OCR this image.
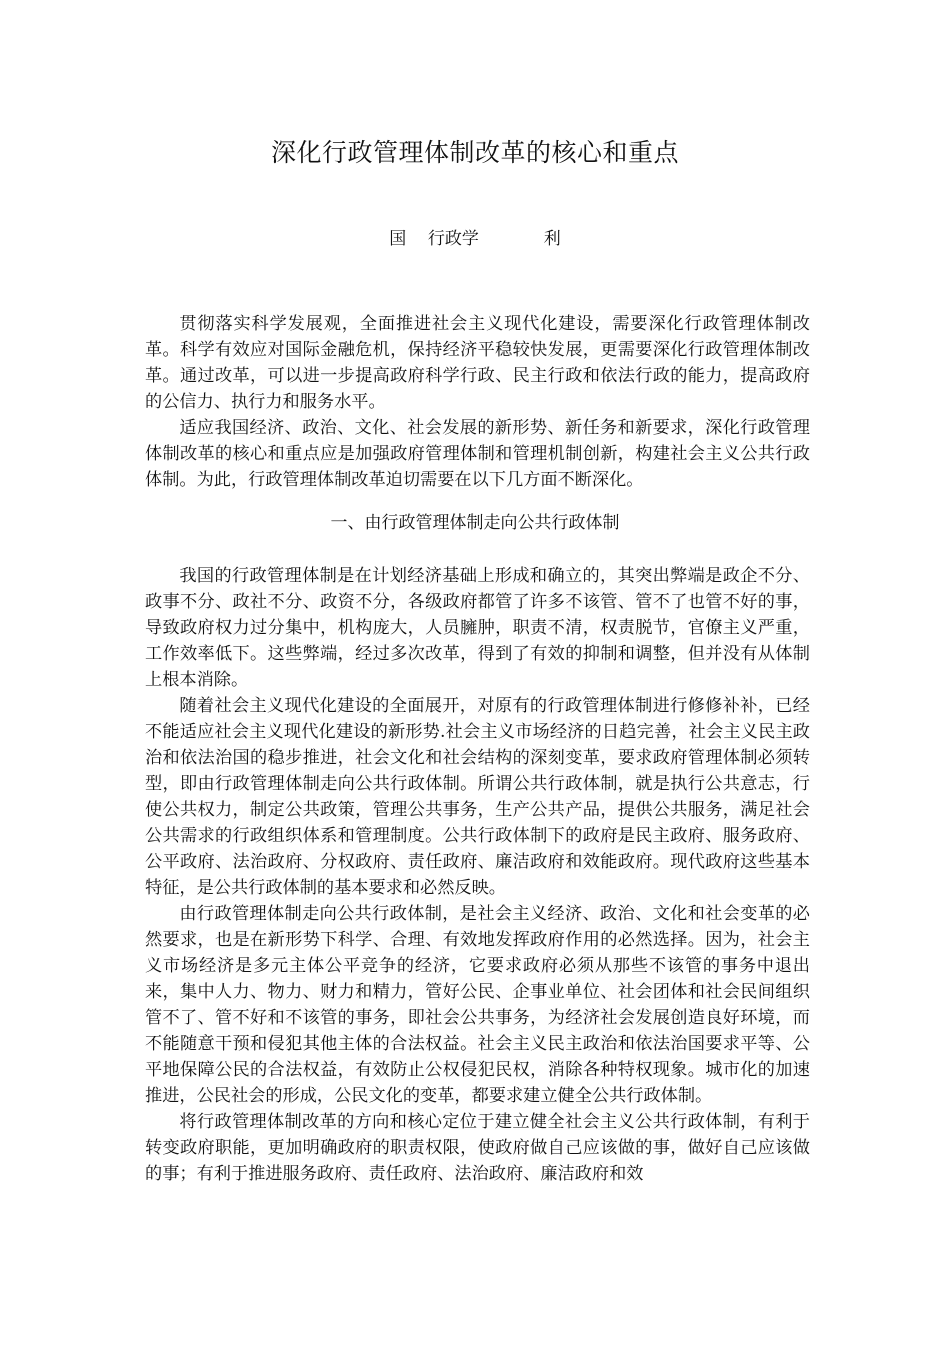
深化行政管理体制改革的核心和重点
国    行政学            利

贯彻落实科学发展观，全面推进社会主义现代化建设，需要深化行政管理体制改革。科学有效应对国际金融危机，保持经济平稳较快发展，更需要深化行政管理体制改革。通过改革，可以进一步提高政府科学行政、民主行政和依法行政的能力，提高政府的公信力、执行力和服务水平。

适应我国经济、政治、文化、社会发展的新形势、新任务和新要求，深化行政管理体制改革的核心和重点应是加强政府管理体制和管理机制创新，构建社会主义公共行政体制。为此，行政管理体制改革迫切需要在以下几方面不断深化。

一、由行政管理体制走向公共行政体制

我国的行政管理体制是在计划经济基础上形成和确立的，其突出弊端是政企不分、政事不分、政社不分、政资不分，各级政府都管了许多不该管、管不了也管不好的事，导致政府权力过分集中，机构庞大，人员臃肿，职责不清，权责脱节，官僚主义严重，工作效率低下。这些弊端，经过多次改革，得到了有效的抑制和调整，但并没有从体制上根本消除。

随着社会主义现代化建设的全面展开，对原有的行政管理体制进行修修补补，已经不能适应社会主义现代化建设的新形势.社会主义市场经济的日趋完善，社会主义民主政治和依法治国的稳步推进，社会文化和社会结构的深刻变革，要求政府管理体制必须转型，即由行政管理体制走向公共行政体制。所谓公共行政体制，就是执行公共意志，行使公共权力，制定公共政策，管理公共事务，生产公共产品，提供公共服务，满足社会公共需求的行政组织体系和管理制度。公共行政体制下的政府是民主政府、服务政府、公平政府、法治政府、分权政府、责任政府、廉洁政府和效能政府。现代政府这些基本特征，是公共行政体制的基本要求和必然反映。

由行政管理体制走向公共行政体制，是社会主义经济、政治、文化和社会变革的必然要求，也是在新形势下科学、合理、有效地发挥政府作用的必然选择。因为，社会主义市场经济是多元主体公平竞争的经济，它要求政府必须从那些不该管的事务中退出来，集中人力、物力、财力和精力，管好公民、企事业单位、社会团体和社会民间组织管不了、管不好和不该管的事务，即社会公共事务，为经济社会发展创造良好环境，而不能随意干预和侵犯其他主体的合法权益。社会主义民主政治和依法治国要求平等、公平地保障公民的合法权益，有效防止公权侵犯民权，消除各种特权现象。城市化的加速推进，公民社会的形成，公民文化的变革，都要求建立健全公共行政体制。

将行政管理体制改革的方向和核心定位于建立健全社会主义公共行政体制，有利于转变政府职能，更加明确政府的职责权限，使政府做自己应该做的事，做好自己应该做的事；有利于推进服务政府、责任政府、法治政府、廉洁政府和效
